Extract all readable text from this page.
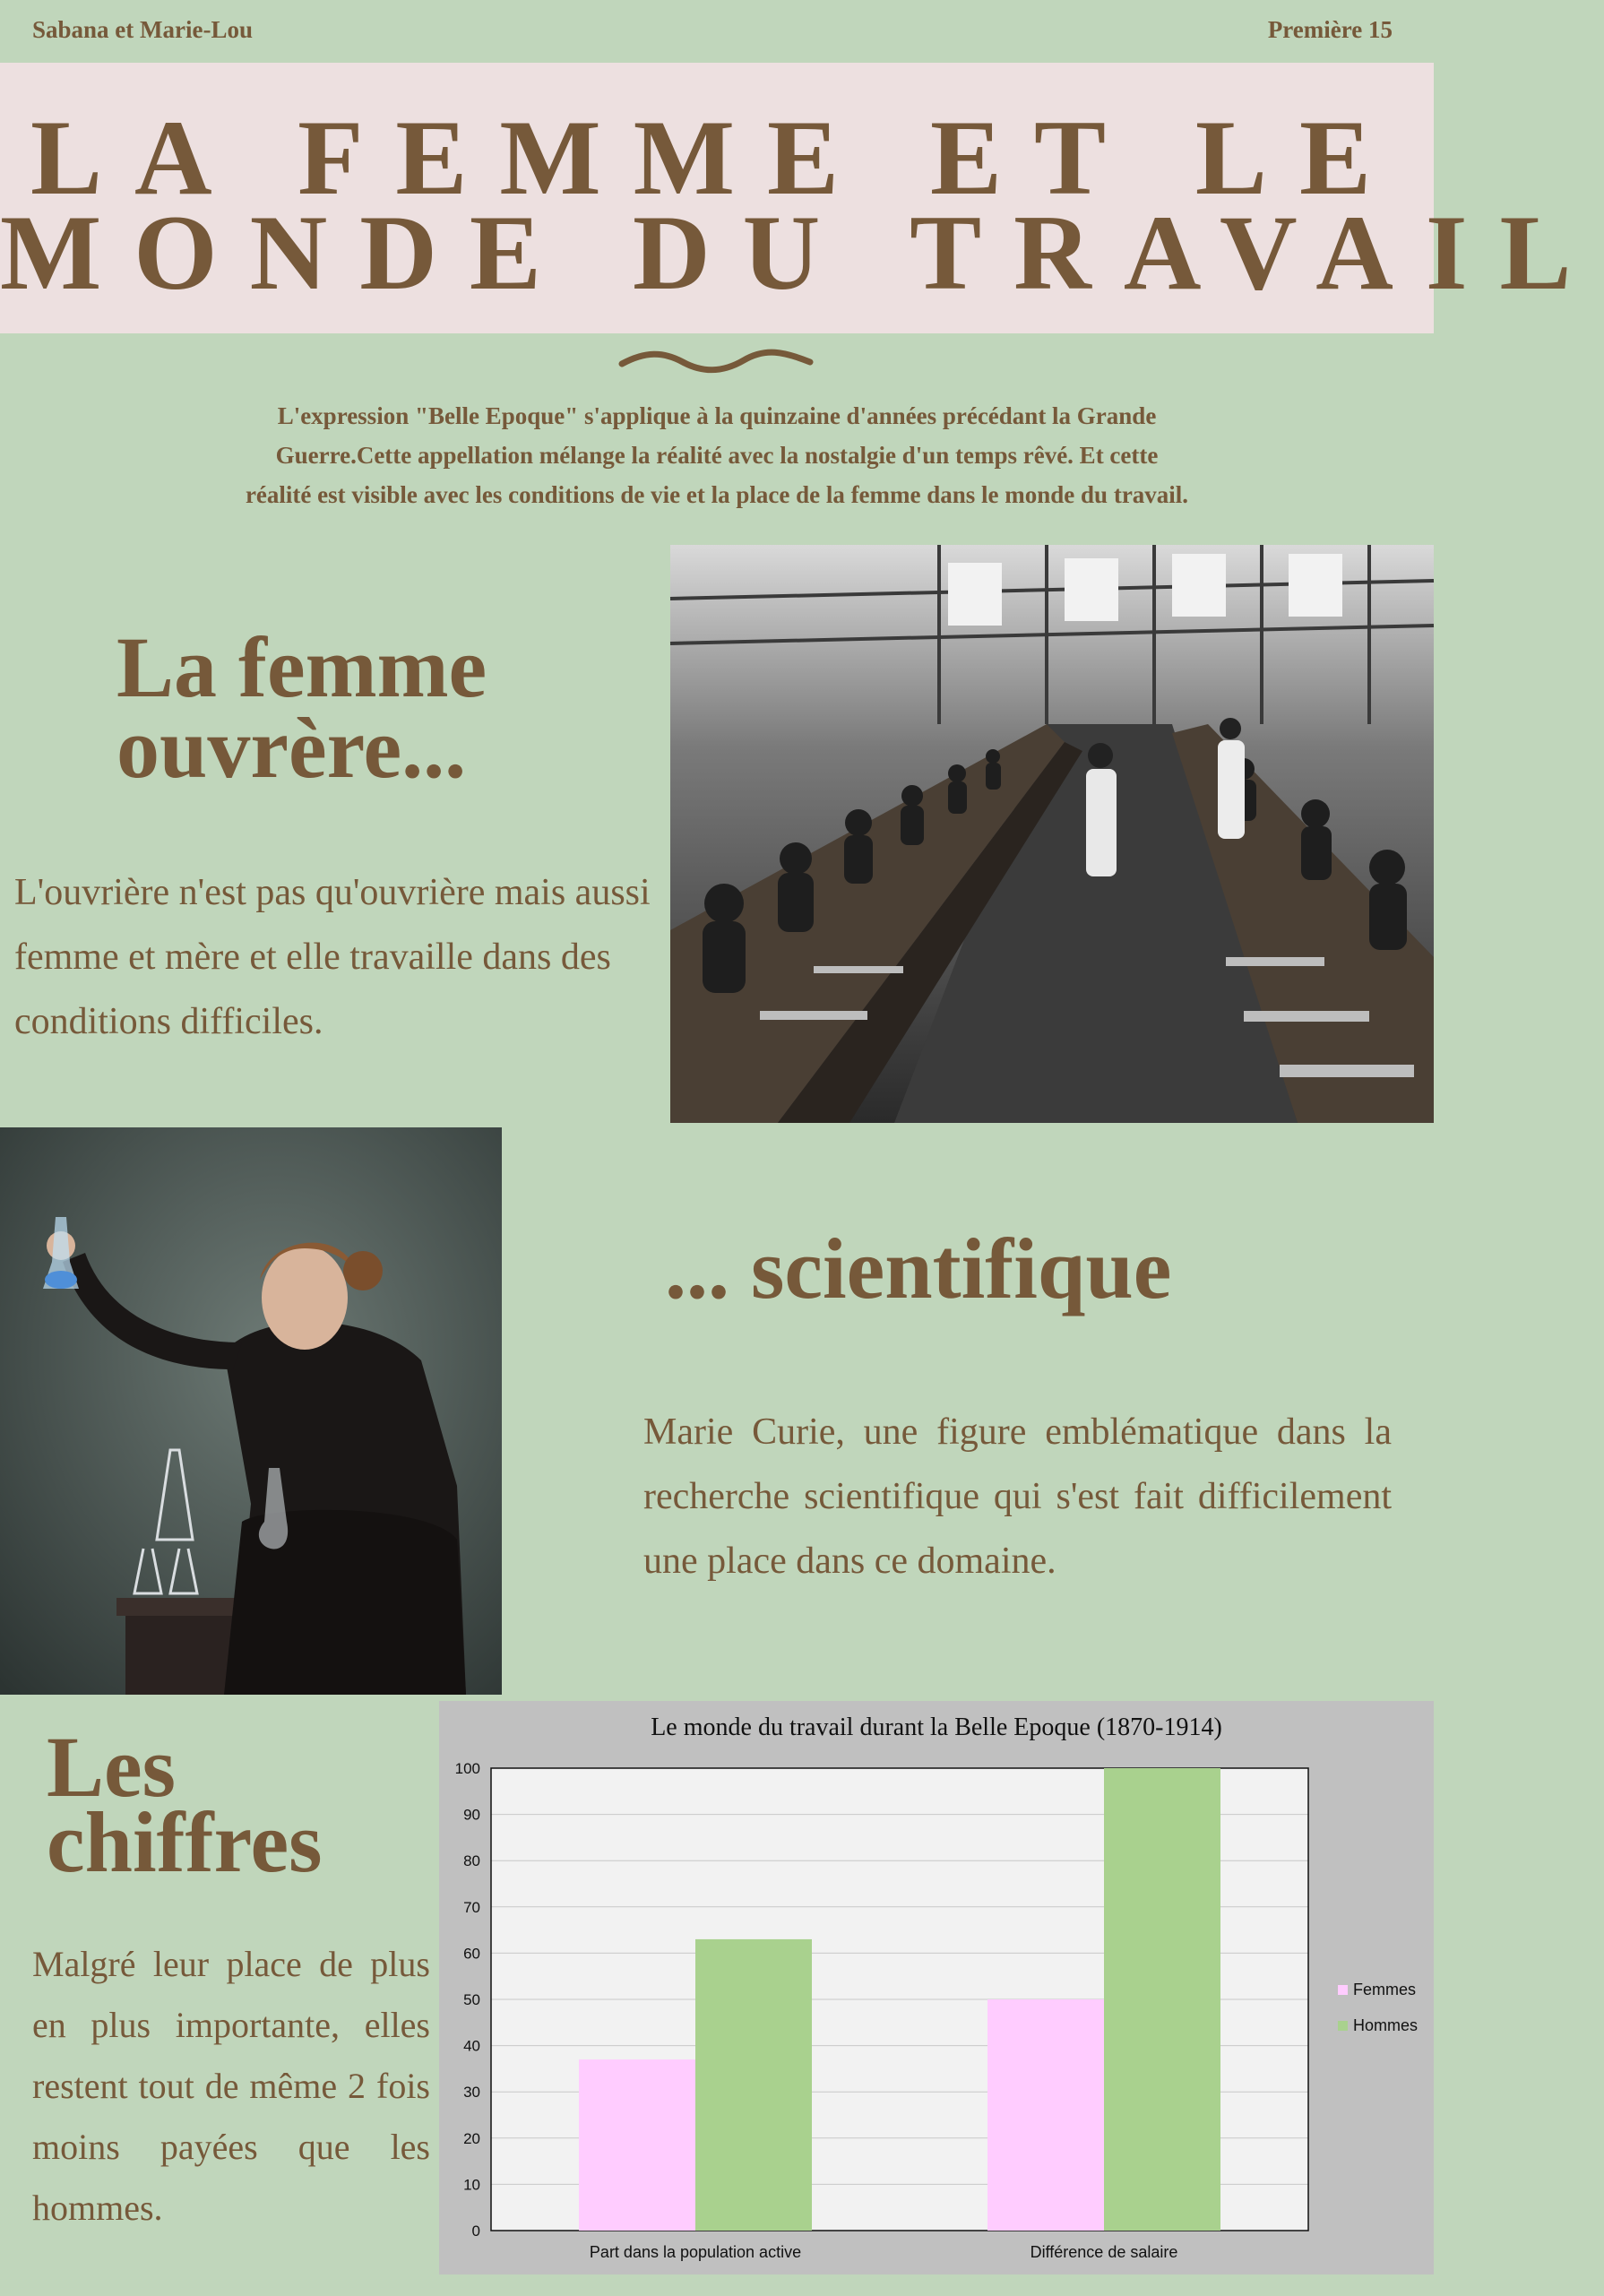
Sabana et Marie-Lou	Première 15
LA FEMME ET LE
MONDE DU TRAVAIL
L'expression "Belle Epoque" s'applique à la quinzaine d'années précédant la Grande Guerre.Cette appellation mélange la réalité avec la nostalgie d'un temps rêvé. Et cette réalité est visible avec les conditions de vie et la place de la femme dans le monde du travail.
La femme
ouvrère...
L'ouvrière n'est pas qu'ouvrière mais aussi femme et mère et elle travaille dans des conditions difficiles.
... scientifique
Marie Curie, une figure emblématique dans la recherche scientifique qui s'est fait difficilement une place dans ce domaine.
Les
chiffres
Malgré leur place de plus en plus importante, elles restent tout de même 2 fois moins payées que les hommes.
Le monde du travail durant la Belle Epoque (1870-1914)
0
10
20
30
40
50
60
70
80
90
100
Part dans la population active	Différence de salaire
Femmes
Hommes
